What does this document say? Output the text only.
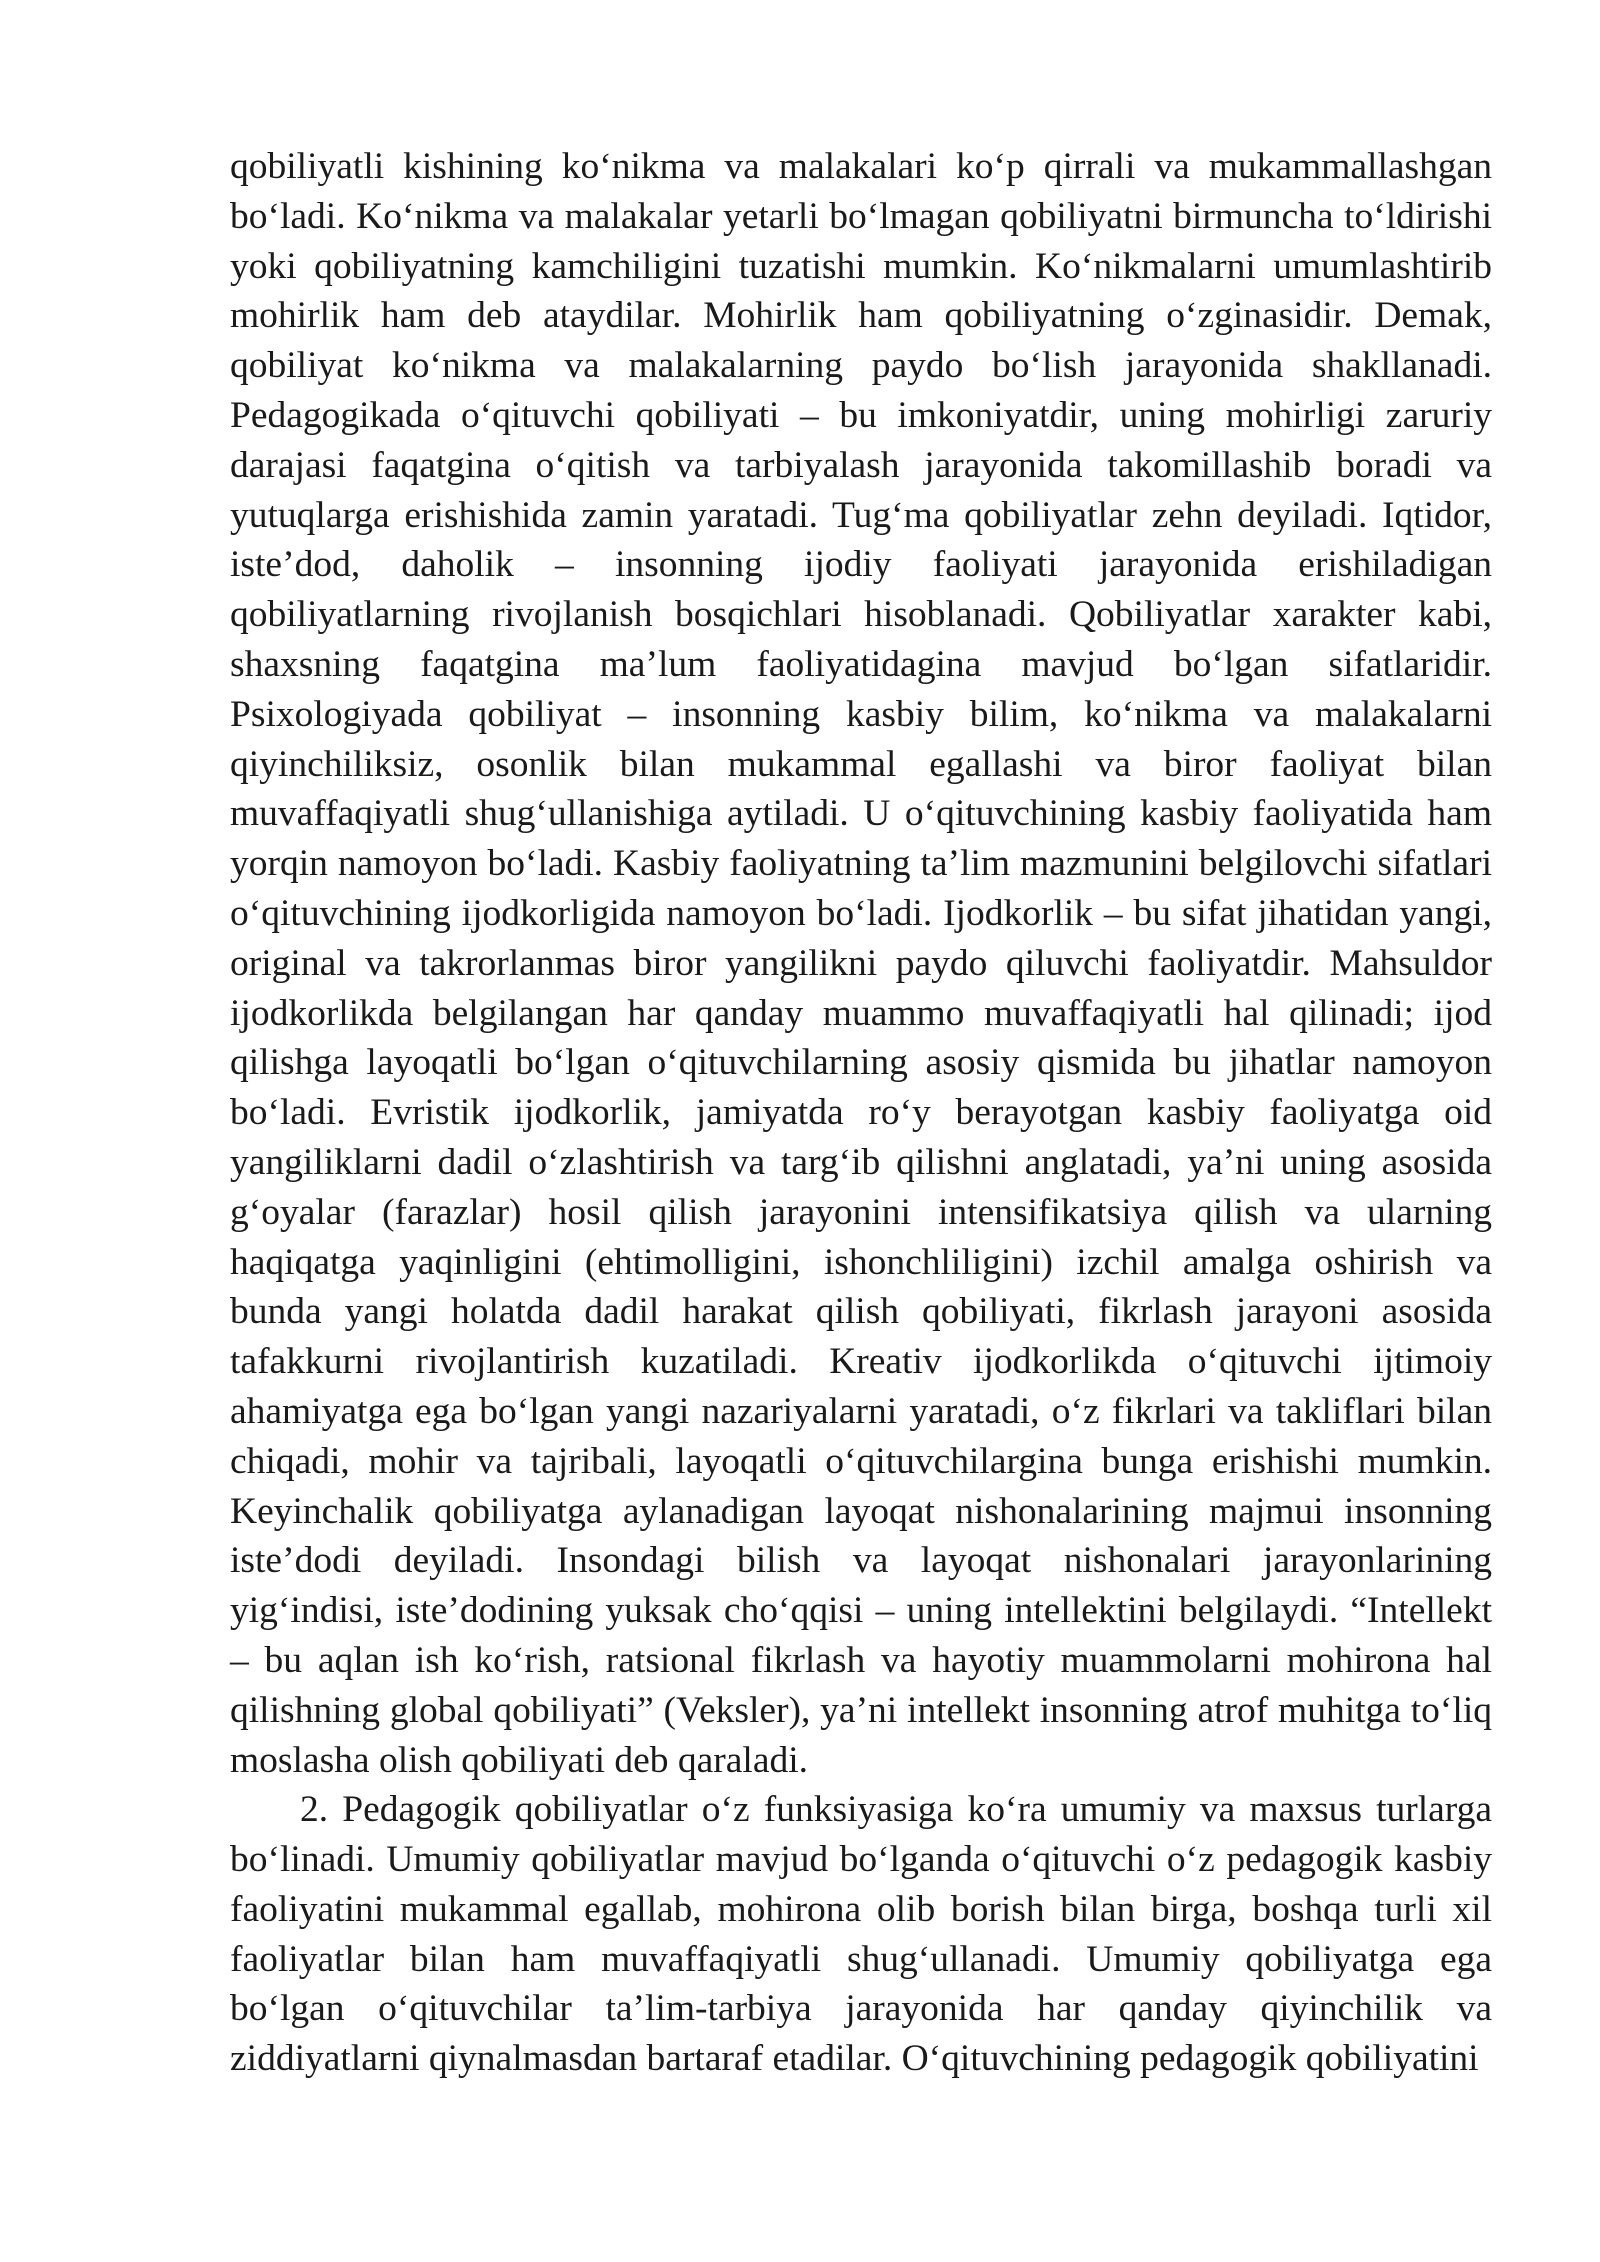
qobiliyatli kishining ko‘nikma va malakalari ko‘p qirrali va mukammallashgan bo‘ladi. Ko‘nikma va malakalar yetarli bo‘lmagan qobiliyatni birmuncha to‘ldirishi yoki qobiliyatning kamchiligini tuzatishi mumkin. Ko‘nikmalarni umumlashtirib mohirlik ham deb ataydilar. Mohirlik ham qobiliyatning o‘zginasidir. Demak, qobiliyat ko‘nikma va malakalarning paydo bo‘lish jarayonida shakllanadi. Pedagogikada o‘qituvchi qobiliyati – bu imkoniyatdir, uning mohirligi zaruriy darajasi faqatgina o‘qitish va tarbiyalash jarayonida takomillashib boradi va yutuqlarga erishishida zamin yaratadi. Tug‘ma qobiliyatlar zehn deyiladi. Iqtidor, iste’dod, daholik – insonning ijodiy faoliyati jarayonida erishiladigan qobiliyatlarning rivojlanish bosqichlari hisoblanadi. Qobiliyatlar xarakter kabi, shaxsning faqatgina ma’lum faoliyatidagina mavjud bo‘lgan sifatlaridir. Psixologiyada qobiliyat – insonning kasbiy bilim, ko‘nikma va malakalarni qiyinchiliksiz, osonlik bilan mukammal egallashi va biror faoliyat bilan muvaffaqiyatli shug‘ullanishiga aytiladi. U o‘qituvchining kasbiy faoliyatida ham yorqin namoyon bo‘ladi. Kasbiy faoliyatning ta’lim mazmunini belgilovchi sifatlari o‘qituvchining ijodkorligida namoyon bo‘ladi. Ijodkorlik – bu sifat jihatidan yangi, original va takrorlanmas biror yangilikni paydo qiluvchi faoliyatdir. Mahsuldor ijodkorlikda belgilangan har qanday muammo muvaffaqiyatli hal qilinadi; ijod qilishga layoqatli bo‘lgan o‘qituvchilarning asosiy qismida bu jihatlar namoyon bo‘ladi. Evristik ijodkorlik, jamiyatda ro‘y berayotgan kasbiy faoliyatga oid yangiliklarni dadil o‘zlashtirish va targ‘ib qilishni anglatadi, ya’ni uning asosida g‘oyalar (farazlar) hosil qilish jarayonini intensifikatsiya qilish va ularning haqiqatga yaqinligini (ehtimolligini, ishonchliligini) izchil amalga oshirish va bunda yangi holatda dadil harakat qilish qobiliyati, fikrlash jarayoni asosida tafakkurni rivojlantirish kuzatiladi. Kreativ ijodkorlikda o‘qituvchi ijtimoiy ahamiyatga ega bo‘lgan yangi nazariyalarni yaratadi, o‘z fikrlari va takliflari bilan chiqadi, mohir va tajribali, layoqatli o‘qituvchilargina bunga erishishi mumkin. Keyinchalik qobiliyatga aylanadigan layoqat nishonalarining majmui insonning iste’dodi deyiladi. Insondagi bilish va layoqat nishonalari jarayonlarining yig‘indisi, iste’dodining yuksak cho‘qqisi – uning intellektini belgilaydi. “Intellekt – bu aqlan ish ko‘rish, ratsional fikrlash va hayotiy muammolarni mohirona hal qilishning global qobiliyati” (Veksler), ya’ni intellekt insonning atrof muhitga to‘liq moslasha olish qobiliyati deb qaraladi.

2. Pedagogik qobiliyatlar o‘z funksiyasiga ko‘ra umumiy va maxsus turlarga bo‘linadi. Umumiy qobiliyatlar mavjud bo‘lganda o‘qituvchi o‘z pedagogik kasbiy faoliyatini mukammal egallab, mohirona olib borish bilan birga, boshqa turli xil faoliyatlar bilan ham muvaffaqiyatli shug‘ullanadi. Umumiy qobiliyatga ega bo‘lgan o‘qituvchilar ta’lim-tarbiya jarayonida har qanday qiyinchilik va ziddiyatlarni qiynalmasdan bartaraf etadilar. O‘qituvchining pedagogik qobiliyatini
